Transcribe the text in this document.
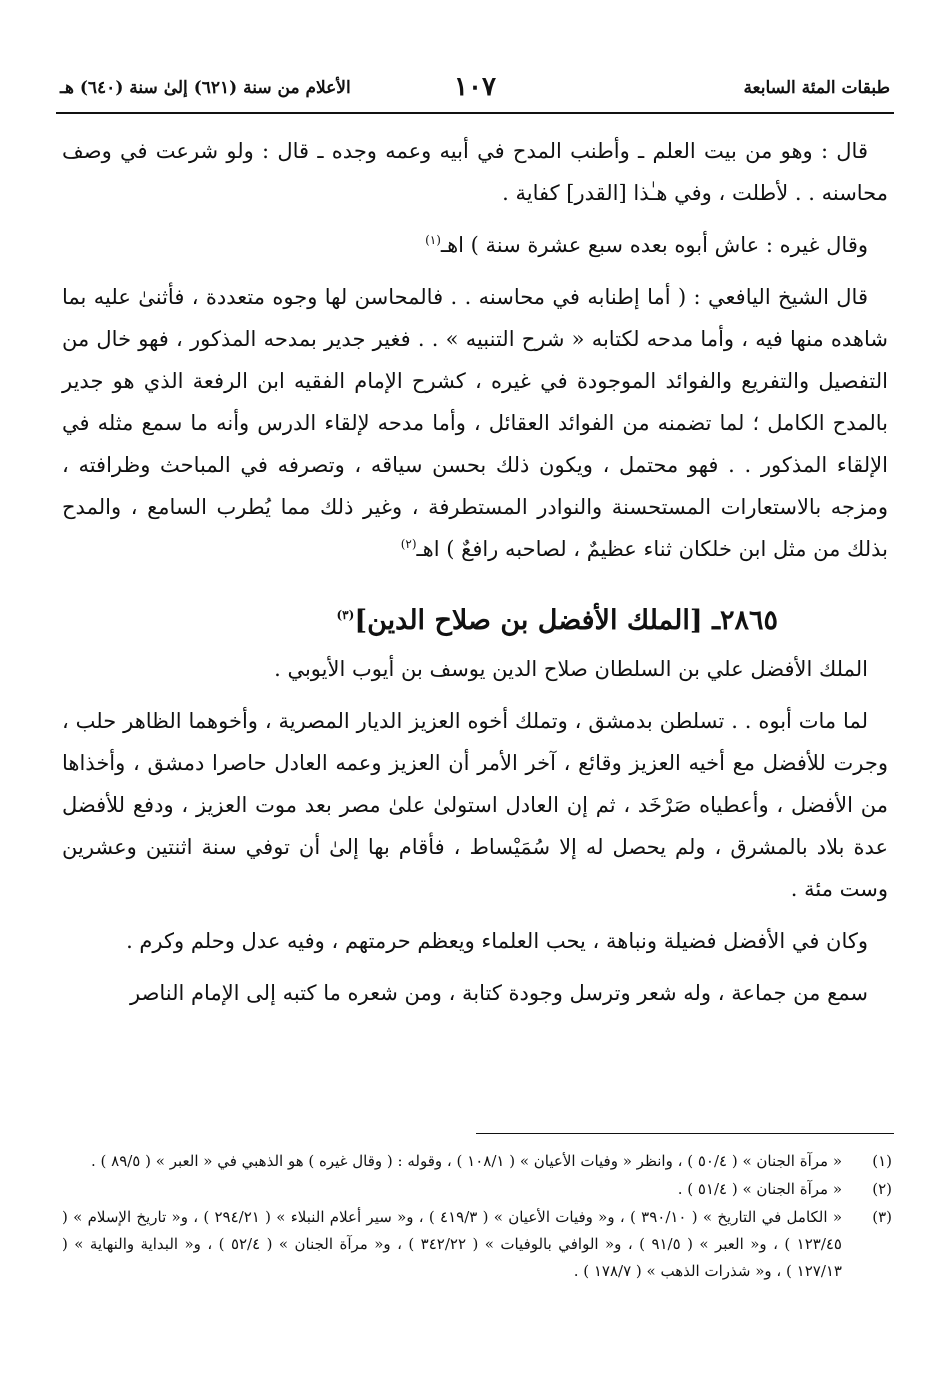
طبقات المئة السابعة
١٠٧
الأعلام من سنة (٦٢١) إلىٰ سنة (٦٤٠) هـ

قال : وهو من بيت العلم ـ وأطنب المدح في أبيه وعمه وجده ـ قال : ولو شرعت في وصف محاسنه . . لأطلت ، وفي هـٰذا [القدر] كفاية .

وقال غيره : عاش أبوه بعده سبع عشرة سنة ) اهـ$^{(١)}$

قال الشيخ اليافعي : ( أما إطنابه في محاسنه . . فالمحاسن لها وجوه متعددة ، فأثنىٰ عليه بما شاهده منها فيه ، وأما مدحه لكتابه « شرح التنبيه » . . فغير جدير بمدحه المذكور ، فهو خال من التفصيل والتفريع والفوائد الموجودة في غيره ، كشرح الإمام الفقيه ابن الرفعة الذي هو جدير بالمدح الكامل ؛ لما تضمنه من الفوائد العقائل ، وأما مدحه لإلقاء الدرس وأنه ما سمع مثله في الإلقاء المذكور . . فهو محتمل ، ويكون ذلك بحسن سياقه ، وتصرفه في المباحث وظرافته ، ومزجه بالاستعارات المستحسنة والنوادر المستطرفة ، وغير ذلك مما يُطرب السامع ، والمدح بذلك من مثل ابن خلكان ثناء عظيمٌ ، لصاحبه رافعٌ ) اهـ$^{(٢)}$

٢٨٦٥ـ [الملك الأفضل بن صلاح الدين]$^{(٣)}$

الملك الأفضل علي بن السلطان صلاح الدين يوسف بن أيوب الأيوبي .

لما مات أبوه . . تسلطن بدمشق ، وتملك أخوه العزيز الديار المصرية ، وأخوهما الظاهر حلب ، وجرت للأفضل مع أخيه العزيز وقائع ، آخر الأمر أن العزيز وعمه العادل حاصرا دمشق ، وأخذاها من الأفضل ، وأعطياه صَرْخَد ، ثم إن العادل استولىٰ علىٰ مصر بعد موت العزيز ، ودفع للأفضل عدة بلاد بالمشرق ، ولم يحصل له إلا سُمَيْساط ، فأقام بها إلىٰ أن توفي سنة اثنتين وعشرين وست مئة .

وكان في الأفضل فضيلة ونباهة ، يحب العلماء ويعظم حرمتهم ، وفيه عدل وحلم وكرم .

سمع من جماعة ، وله شعر وترسل وجودة كتابة ، ومن شعره ما كتبه إلى الإمام الناصر

(١)
« مرآة الجنان » ( ٥٠/٤ ) ، وانظر « وفيات الأعيان » ( ١٠٨/١ ) ، وقوله : ( وقال غيره ) هو الذهبي في « العبر » ( ٨٩/٥ ) .
(٢)
« مرآة الجنان » ( ٥١/٤ ) .
(٣)
« الكامل في التاريخ » ( ٣٩٠/١٠ ) ، و« وفيات الأعيان » ( ٤١٩/٣ ) ، و« سير أعلام النبلاء » ( ٢٩٤/٢١ ) ، و« تاريخ الإسلام » ( ١٢٣/٤٥ ) ، و« العبر » ( ٩١/٥ ) ، و« الوافي بالوفيات » ( ٣٤٢/٢٢ ) ، و« مرآة الجنان » ( ٥٢/٤ ) ، و« البداية والنهاية » ( ١٢٧/١٣ ) ، و« شذرات الذهب » ( ١٧٨/٧ ) .
